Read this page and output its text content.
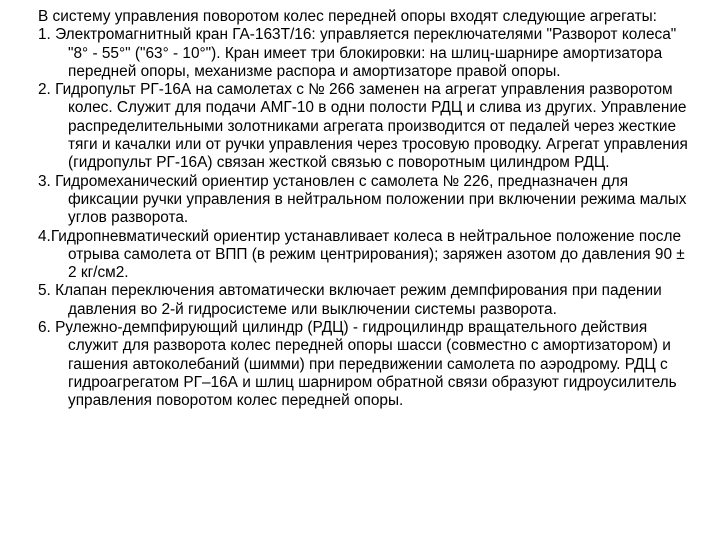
В систему управления поворотом колес передней опоры входят следующие агрегаты:

1. Электромагнитный кран ГА-163Т/16: управляется переключателями "Разворот колеса" "8° - 55°" ("63° - 10°"). Кран имеет три блокировки: на шлиц-шарнире амортизатора передней опоры, механизме распора и амортизаторе правой опоры.

2. Гидропульт РГ-16А на самолетах с № 266 заменен на агрегат управления разворотом колес. Служит для подачи АМГ-10 в одни полости РДЦ и слива из других. Управление распределительными золотниками агрегата производится от педалей через жесткие тяги и качалки или от ручки управления через тросовую проводку. Агрегат управления (гидропульт РГ-16А) связан жесткой связью с поворотным цилиндром РДЦ.

3. Гидромеханический ориентир установлен с самолета № 226, предназначен для фиксации ручки управления в нейтральном положении при включении режима малых углов разворота.

4.Гидропневматический ориентир устанавливает колеса в нейтральное положение после отрыва самолета от ВПП (в режим центрирования); заряжен азотом до давления 90 ± 2 кг/см2.

5. Клапан переключения автоматически включает режим демпфирования при падении давления во 2-й гидросистеме или выключении системы разворота.

6. Рулежно-демпфирующий цилиндр (РДЦ) - гидроцилиндр вращательного действия служит для разворота колес передней опоры шасси (совместно с амортизатором) и гашения автоколебаний (шимми) при передвижении самолета по аэродрому. РДЦ с гидроагрегатом РГ–16А и шлиц шарниром обратной связи образуют гидроусилитель управления поворотом колес передней опоры.
